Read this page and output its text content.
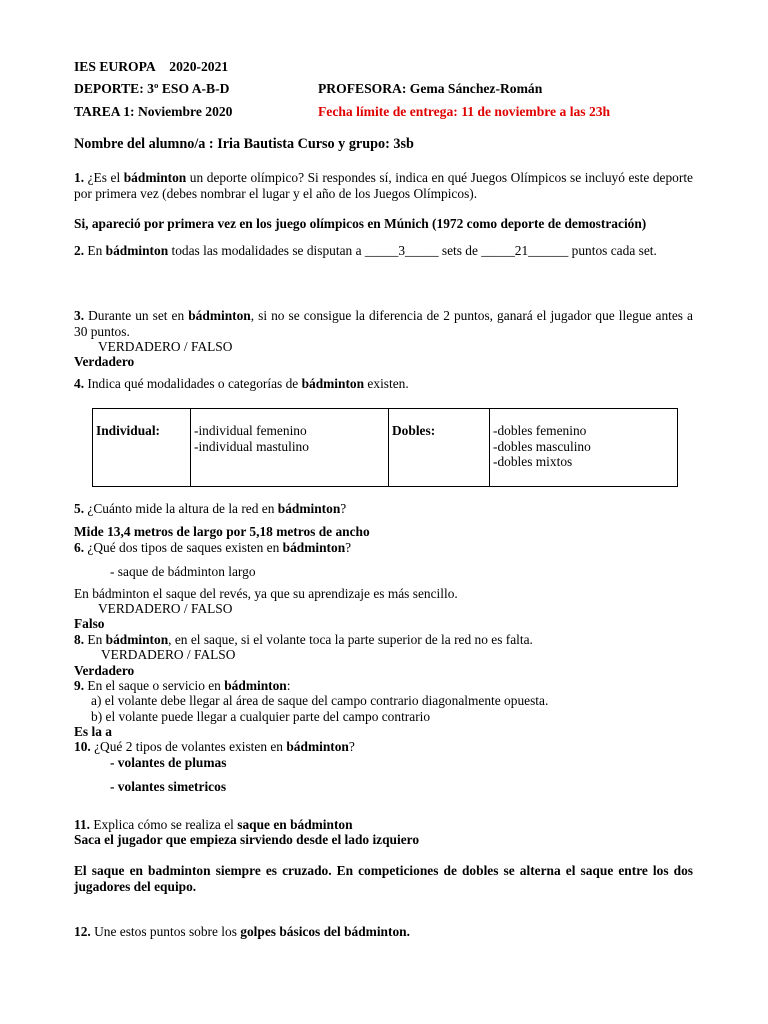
IES EUROPA 2020-2021
DEPORTE: 3º ESO A-B-D	PROFESORA: Gema Sánchez-Román
TAREA 1: Noviembre 2020	Fecha límite de entrega: 11 de noviembre a las 23h
Nombre del alumno/a : Iria Bautista Curso y grupo: 3sb
1. ¿Es el bádminton un deporte olímpico? Si respondes sí, indica en qué Juegos Olímpicos se incluyó este deporte por primera vez (debes nombrar el lugar y el año de los Juegos Olímpicos).
Si, apareció por primera vez en los juego olímpicos en Múnich (1972 como deporte de demostración)
2. En bádminton todas las modalidades se disputan a _____3_____ sets de _____21______ puntos cada set.
3. Durante un set en bádminton, si no se consigue la diferencia de 2 puntos, ganará el jugador que llegue antes a 30 puntos.
VERDADERO / FALSO
Verdadero
4. Indica qué modalidades o categorías de bádminton existen.
Individual:	-individual femenino
-individual mastulino
	Dobles:	-dobles femenino
-dobles masculino
-dobles mixtos
5. ¿Cuánto mide la altura de la red en bádminton?
Mide 13,4 metros de largo por 5,18 metros de ancho
6. ¿Qué dos tipos de saques existen en bádminton?
- saque de bádminton largo
En bádminton el saque del revés, ya que su aprendizaje es más sencillo.
VERDADERO / FALSO
Falso
8. En bádminton, en el saque, si el volante toca la parte superior de la red no es falta.
VERDADERO / FALSO
Verdadero
9. En el saque o servicio en bádminton:
a) el volante debe llegar al área de saque del campo contrario diagonalmente opuesta.
b) el volante puede llegar a cualquier parte del campo contrario
Es la a
10. ¿Qué 2 tipos de volantes existen en bádminton?
- volantes de plumas
- volantes simetricos
11. Explica cómo se realiza el saque en bádminton
Saca el jugador que empieza sirviendo desde el lado izquiero
El saque en badminton siempre es cruzado. En competiciones de dobles se alterna el saque entre los dos jugadores del equipo.
12. Une estos puntos sobre los golpes básicos del bádminton.
